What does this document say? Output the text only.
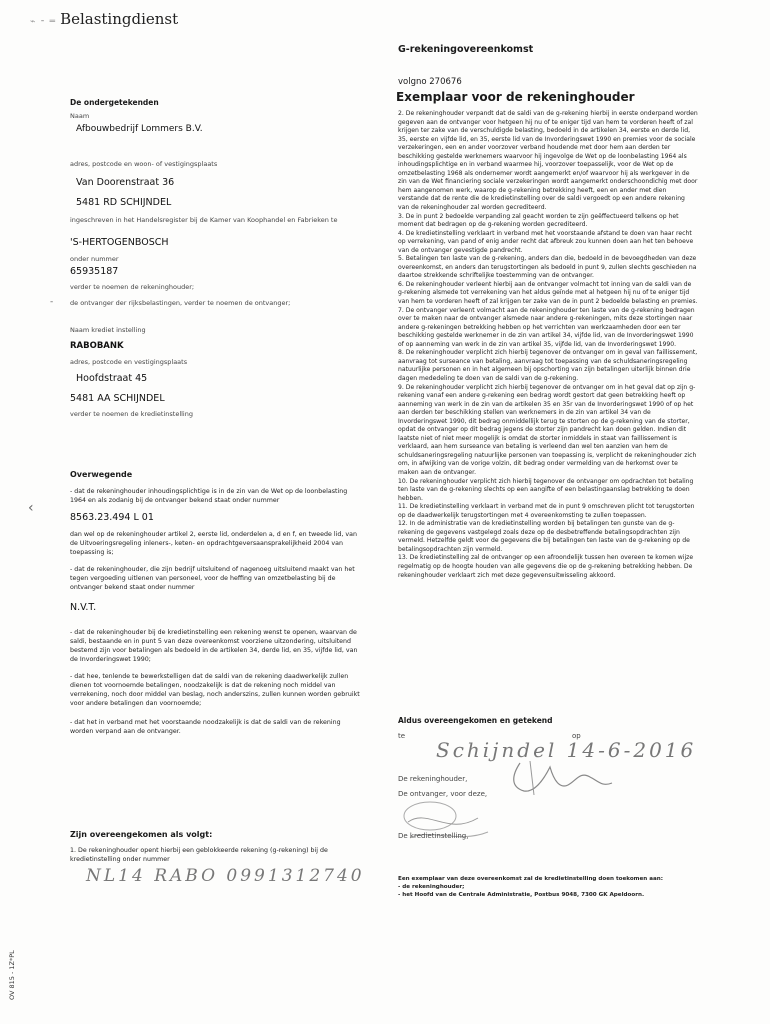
⌁ ⁃ ═ Belastingdienst
G-rekeningovereenkomst
volgno 270676
Exemplaar voor de rekeninghouder
De ondergetekenden
Naam
Afbouwbedrijf Lommers B.V.
adres, postcode en woon- of vestigingsplaats
Van Doorenstraat 36
5481 RD SCHIJNDEL
ingeschreven in het Handelsregister bij de Kamer van Koophandel en Fabrieken te
'S-HERTOGENBOSCH
onder nummer
65935187
verder te noemen de rekeninghouder;
-	de ontvanger der rijksbelastingen, verder te noemen de ontvanger;
Naam krediet instelling
RABOBANK
adres, postcode en vestigingsplaats
Hoofdstraat 45
5481 AA SCHIJNDEL
verder te noemen de kredietinstelling
Overwegende
‹
- dat de rekeninghouder inhoudingsplichtige is in de zin van de Wet op de loonbelasting 1964 en als zodanig bij de ontvanger bekend staat onder nummer
8563.23.494 L 01
dan wel op de rekeninghouder artikel 2, eerste lid, onderdelen a, d en f, en tweede lid, van de Uitvoeringsregeling inleners-, keten- en opdrachtgeversaansprakelijkheid 2004 van toepassing is;
- dat de rekeninghouder, die zijn bedrijf uitsluitend of nagenoeg uitsluitend maakt van het tegen vergoeding uitlenen van personeel, voor de heffing van omzetbelasting bij de ontvanger bekend staat onder nummer
N.V.T.
- dat de rekeninghouder bij de kredietinstelling een rekening wenst te openen, waarvan de saldi, bestaande en in punt 5 van deze overeenkomst voorziene uitzondering, uitsluitend bestemd zijn voor betalingen als bedoeld in de artikelen 34, derde lid, en 35, vijfde lid, van de Invorderingswet 1990;
- dat hee, tenlende te bewerkstelligen dat de saldi van de rekening daadwerkelijk zullen dienen tot voornoemde betalingen, noodzakelijk is dat de rekening noch middel van verrekening, noch door middel van beslag, noch anderszins, zullen kunnen worden gebruikt voor andere betalingen dan voornoemde;
- dat het in verband met het voorstaande noodzakelijk is dat de saldi van de rekening worden verpand aan de ontvanger.
Zijn overeengekomen als volgt:
1. De rekeninghouder opent hierbij een geblokkeerde rekening (g-rekening) bij de kredietinstelling onder nummer
NL14 RABO 0991312740

2. De rekeninghouder verpandt dat de saldi van de g-rekening hierbij in eerste onderpand worden gegeven aan de ontvanger voor hetgeen hij nu of te eniger tijd van hem te vorderen heeft of zal krijgen ter zake van de verschuldigde belasting, bedoeld in de artikelen 34, eerste en derde lid, 35, eerste en vijfde lid, en 35, eerste lid van de Invorderingswet 1990 en premies voor de sociale verzekeringen, een en ander voorzover verband houdende met door hem aan derden ter beschikking gestelde werknemers waarvoor hij ingevolge de Wet op de loonbelasting 1964 als inhoudingsplichtige en in verband waarmee hij, voorzover toepasselijk, voor de Wet op de omzetbelasting 1968 als ondernemer wordt aangemerkt en/of waarvoor hij als werkgever in de zin van de Wet financiering sociale verzekeringen wordt aangemerkt onderschoondichig met door hem aangenomen werk, waarop de g-rekening betrekking heeft, een en ander met dien verstande dat de rente die de kredietinstelling over de saldi vergoedt op een andere rekening van de rekeninghouder zal worden gecrediteerd.

3. De in punt 2 bedoelde verpanding zal geacht worden te zijn geëffectueerd telkens op het moment dat bedragen op de g-rekening worden gecrediteerd.

4. De kredietinstelling verklaart in verband met het voorstaande afstand te doen van haar recht op verrekening, van pand of enig ander recht dat afbreuk zou kunnen doen aan het ten behoeve van de ontvanger gevestigde pandrecht.

5. Betalingen ten laste van de g-rekening, anders dan die, bedoeld in de bevoegdheden van deze overeenkomst, en anders dan terugstortingen als bedoeld in punt 9, zullen slechts geschieden na daartoe strekkende schriftelijke toestemming van de ontvanger.

6. De rekeninghouder verleent hierbij aan de ontvanger volmacht tot inning van de saldi van de g-rekening alsmede tot verrekening van het aldus geïnde met al hetgeen hij nu of te eniger tijd van hem te vorderen heeft of zal krijgen ter zake van de in punt 2 bedoelde belasting en premies.

7. De ontvanger verleent volmacht aan de rekeninghouder ten laste van de g-rekening bedragen over te maken naar de ontvanger alsmede naar andere g-rekeningen, mits deze stortingen naar andere g-rekeningen betrekking hebben op het verrichten van werkzaamheden door een ter beschikking gestelde werknemer in de zin van artikel 34, vijfde lid, van de Invorderingswet 1990 of op aanneming van werk in de zin van artikel 35, vijfde lid, van de Invorderingswet 1990.

8. De rekeninghouder verplicht zich hierbij tegenover de ontvanger om in geval van faillissement, aanvraag tot surseance van betaling, aanvraag tot toepassing van de schuldsaneringsregeling natuurlijke personen en in het algemeen bij opschorting van zijn betalingen uiterlijk binnen drie dagen mededeling te doen van de saldi van de g-rekening.

9. De rekeninghouder verplicht zich hierbij tegenover de ontvanger om in het geval dat op zijn g-rekening vanaf een andere g-rekening een bedrag wordt gestort dat geen betrekking heeft op aanneming van werk in de zin van de artikelen 35 en 35r van de Invorderingswet 1990 of op het aan derden ter beschikking stellen van werknemers in de zin van artikel 34 van de Invorderingswet 1990, dit bedrag onmiddellijk terug te storten op de g-rekening van de storter, opdat de ontvanger op dit bedrag jegens de storter zijn pandrecht kan doen gelden. Indien dit laatste niet of niet meer mogelijk is omdat de storter inmiddels in staat van faillissement is verklaard, aan hem surseance van betaling is verleend dan wel ten aanzien van hem de schuldsaneringsregeling natuurlijke personen van toepassing is, verplicht de rekeninghouder zich om, in afwijking van de vorige volzin, dit bedrag onder vermelding van de herkomst over te maken aan de ontvanger.

10. De rekeninghouder verplicht zich hierbij tegenover de ontvanger om opdrachten tot betaling ten laste van de g-rekening slechts op een aangifte of een belastingaanslag betrekking te doen hebben.

11. De kredietinstelling verklaart in verband met de in punt 9 omschreven plicht tot terugstorten op de daadwerkelijk terugstortingen met 4 overeenkomsting te zullen toepassen.

12. In de administratie van de kredietinstelling worden bij betalingen ten gunste van de g-rekening de gegevens vastgelegd zoals deze op de desbetreffende betalingsopdrachten zijn vermeld. Hetzelfde geldt voor de gegevens die bij betalingen ten laste van de g-rekening op de betalingsopdrachten zijn vermeld.

13. De kredietinstelling zal de ontvanger op een afroondelijk tussen hen overeen te komen wijze regelmatig op de hoogte houden van alle gegevens die op de g-rekening betrekking hebben. De rekeninghouder verklaart zich met deze gegevensuitwisseling akkoord.

Aldus overeengekomen en getekend
te	op
Schijndel 14-6-2016
De rekeninghouder,
De ontvanger, voor deze,
De kredietinstelling,
Een exemplaar van deze overeenkomst zal de kredietinstelling doen toekomen aan:
- de rekeninghouder;
- het Hoofd van de Centrale Administratie, Postbus 9048, 7300 GK Apeldoorn.
OV 815 - 1Z*PL
